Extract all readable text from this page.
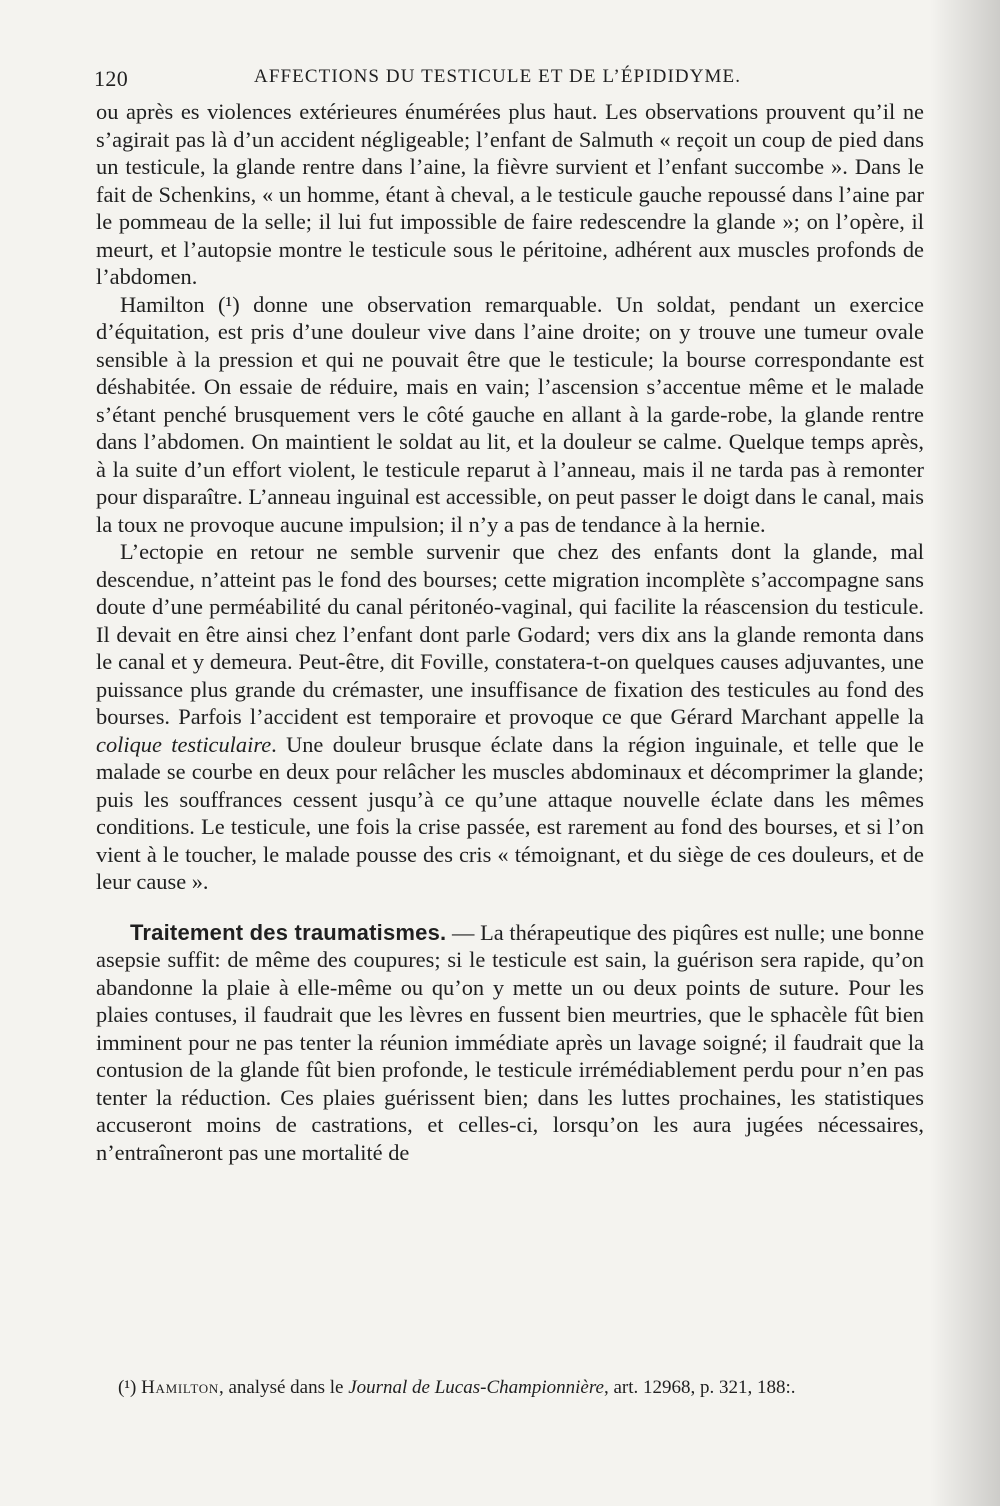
120	AFFECTIONS DU TESTICULE ET DE L’ÉPIDIDYME.

ou après es violences extérieures énumérées plus haut. Les observations prouvent qu’il ne s’agirait pas là d’un accident négligeable; l’enfant de Salmuth « reçoit un coup de pied dans un testicule, la glande rentre dans l’aine, la fièvre survient et l’enfant succombe ». Dans le fait de Schenkins, « un homme, étant à cheval, a le testicule gauche repoussé dans l’aine par le pommeau de la selle; il lui fut impossible de faire redescendre la glande »; on l’opère, il meurt, et l’autopsie montre le testicule sous le péritoine, adhérent aux muscles profonds de l’abdomen.

Hamilton (¹) donne une observation remarquable. Un soldat, pendant un exercice d’équitation, est pris d’une douleur vive dans l’aine droite; on y trouve une tumeur ovale sensible à la pression et qui ne pouvait être que le testicule; la bourse correspondante est déshabitée. On essaie de réduire, mais en vain; l’ascension s’accentue même et le malade s’étant penché brusquement vers le côté gauche en allant à la garde-robe, la glande rentre dans l’abdomen. On maintient le soldat au lit, et la douleur se calme. Quelque temps après, à la suite d’un effort violent, le testicule reparut à l’anneau, mais il ne tarda pas à remonter pour disparaître. L’anneau inguinal est accessible, on peut passer le doigt dans le canal, mais la toux ne provoque aucune impulsion; il n’y a pas de tendance à la hernie.

L’ectopie en retour ne semble survenir que chez des enfants dont la glande, mal descendue, n’atteint pas le fond des bourses; cette migration incomplète s’accompagne sans doute d’une perméabilité du canal péritonéo-vaginal, qui facilite la réascension du testicule. Il devait en être ainsi chez l’enfant dont parle Godard; vers dix ans la glande remonta dans le canal et y demeura. Peut-être, dit Foville, constatera-t-on quelques causes adjuvantes, une puissance plus grande du crémaster, une insuffisance de fixation des testicules au fond des bourses. Parfois l’accident est temporaire et provoque ce que Gérard Marchant appelle la colique testiculaire. Une douleur brusque éclate dans la région inguinale, et telle que le malade se courbe en deux pour relâcher les muscles abdominaux et décomprimer la glande; puis les souffrances cessent jusqu’à ce qu’une attaque nouvelle éclate dans les mêmes conditions. Le testicule, une fois la crise passée, est rarement au fond des bourses, et si l’on vient à le toucher, le malade pousse des cris « témoignant, et du siège de ces douleurs, et de leur cause ».

Traitement des traumatismes. — La thérapeutique des piqûres est nulle; une bonne asepsie suffit: de même des coupures; si le testicule est sain, la guérison sera rapide, qu’on abandonne la plaie à elle-même ou qu’on y mette un ou deux points de suture. Pour les plaies contuses, il faudrait que les lèvres en fussent bien meurtries, que le sphacèle fût bien imminent pour ne pas tenter la réunion immédiate après un lavage soigné; il faudrait que la contusion de la glande fût bien profonde, le testicule irrémédiablement perdu pour n’en pas tenter la réduction. Ces plaies guérissent bien; dans les luttes prochaines, les statistiques accuseront moins de castrations, et celles-ci, lorsqu’on les aura jugées nécessaires, n’entraîneront pas une mortalité de

(¹) Hamilton, analysé dans le Journal de Lucas-Championnière, art. 12968, p. 321, 188:.
